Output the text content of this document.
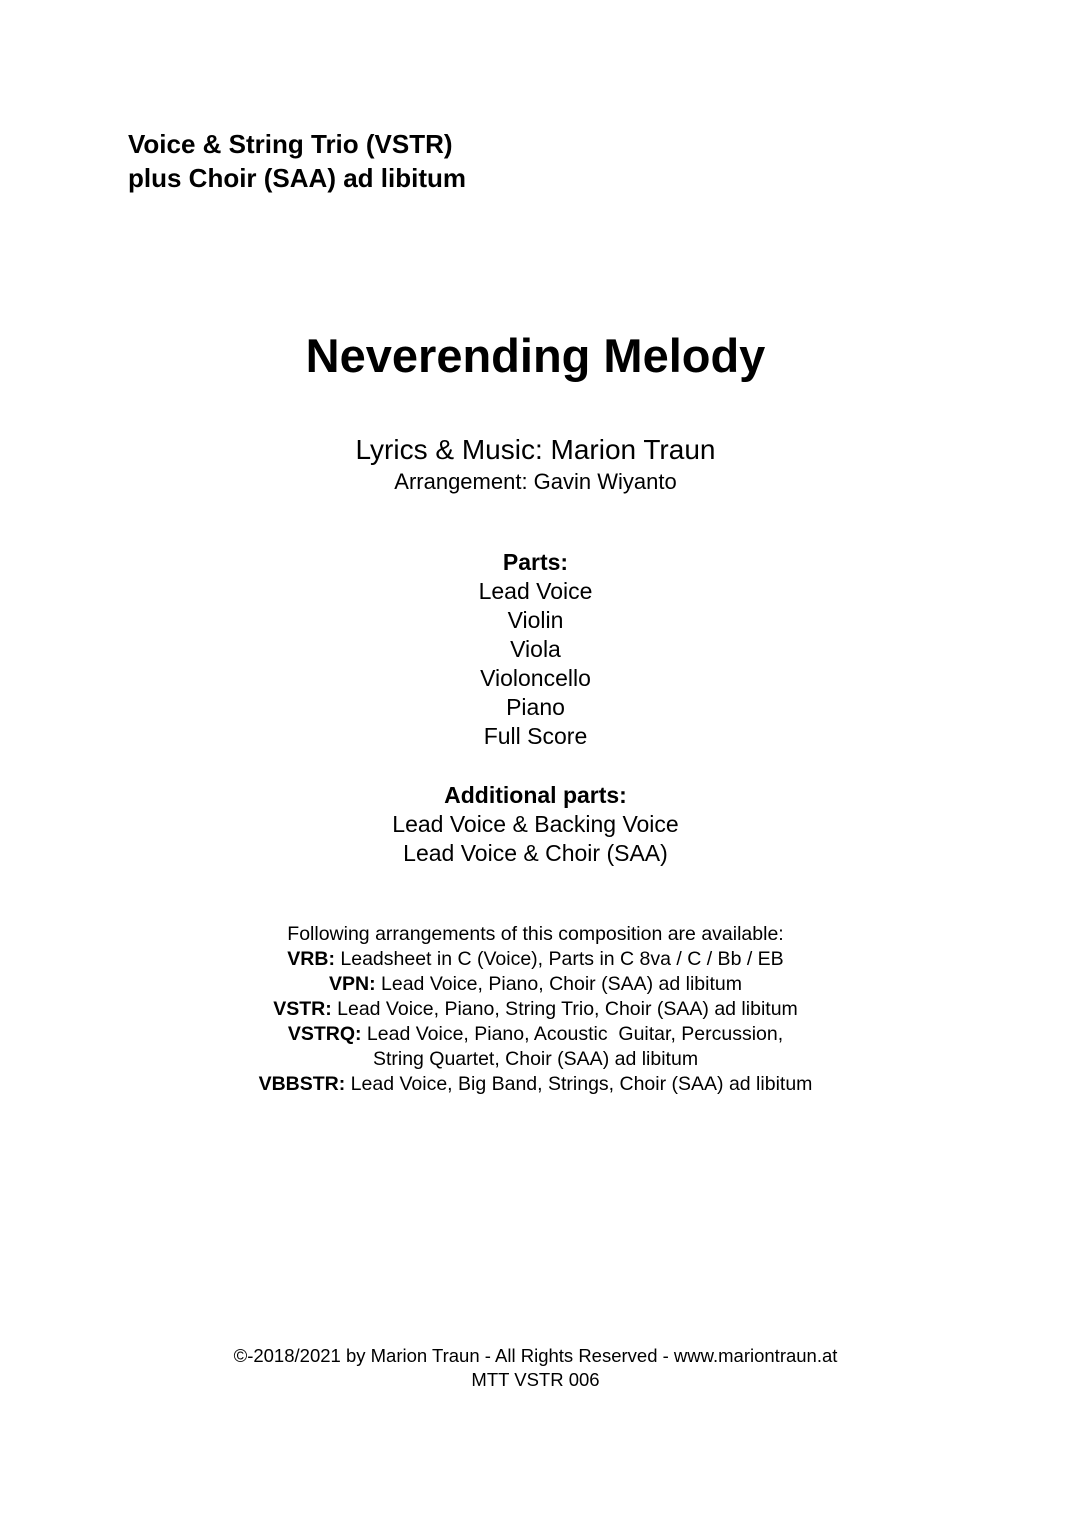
Voice & String Trio (VSTR)
plus Choir (SAA) ad libitum
Neverending Melody
Lyrics & Music: Marion Traun
Arrangement: Gavin Wiyanto
Parts:
Lead Voice
Violin
Viola
Violoncello
Piano
Full Score
Additional parts:
Lead Voice & Backing Voice
Lead Voice & Choir (SAA)
Following arrangements of this composition are available:
VRB: Leadsheet in C (Voice), Parts in C 8va / C / Bb / EB
VPN: Lead Voice, Piano, Choir (SAA) ad libitum
VSTR: Lead Voice, Piano, String Trio, Choir (SAA) ad libitum
VSTRQ: Lead Voice, Piano, Acoustic  Guitar, Percussion,
String Quartet, Choir (SAA) ad libitum
VBBSTR: Lead Voice, Big Band, Strings, Choir (SAA) ad libitum
©-2018/2021 by Marion Traun - All Rights Reserved - www.mariontraun.at
MTT VSTR 006
